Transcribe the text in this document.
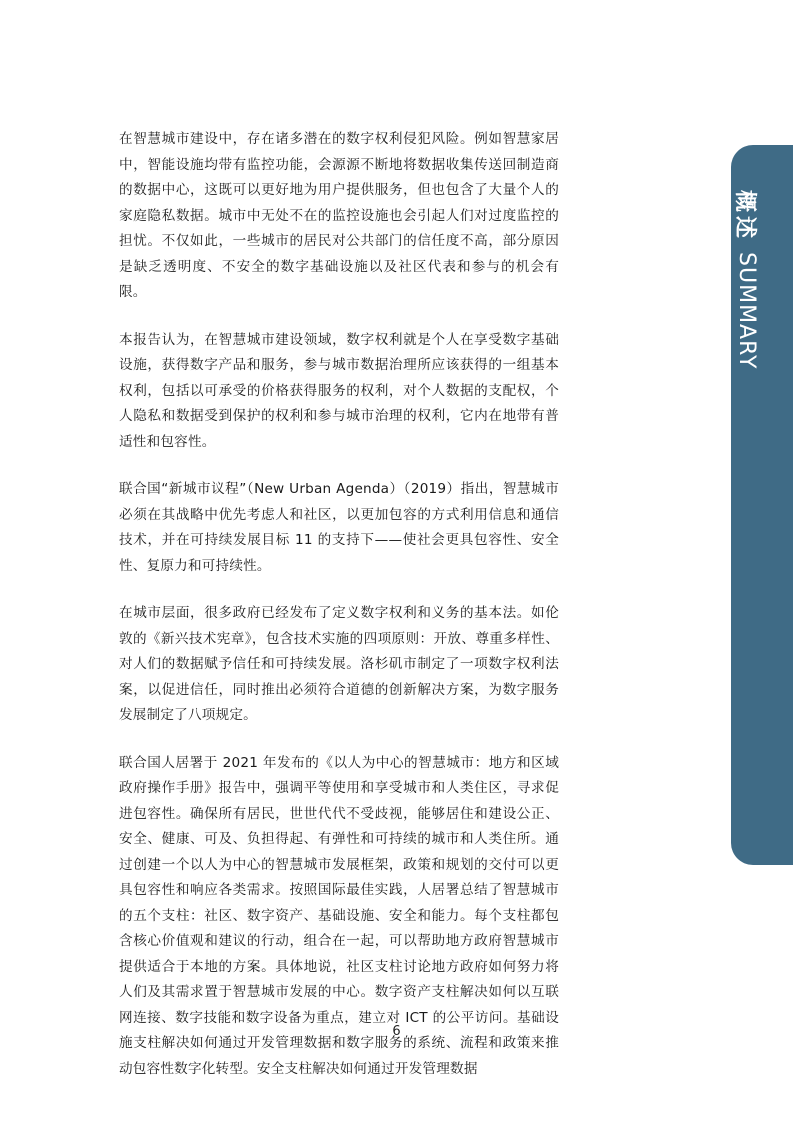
概述
SUMMARY

在智慧城市建设中，存在诸多潜在的数字权利侵犯风险。例如智慧家居中，智能设施均带有监控功能，会源源不断地将数据收集传送回制造商的数据中心，这既可以更好地为用户提供服务，但也包含了大量个人的家庭隐私数据。城市中无处不在的监控设施也会引起人们对过度监控的担忧。不仅如此，一些城市的居民对公共部门的信任度不高，部分原因是缺乏透明度、不安全的数字基础设施以及社区代表和参与的机会有限。

本报告认为，在智慧城市建设领域，数字权利就是个人在享受数字基础设施，获得数字产品和服务，参与城市数据治理所应该获得的一组基本权利，包括以可承受的价格获得服务的权利，对个人数据的支配权，个人隐私和数据受到保护的权利和参与城市治理的权利，它内在地带有普适性和包容性。

联合国“新城市议程”（New Urban Agenda）（2019）指出，智慧城市必须在其战略中优先考虑人和社区，以更加包容的方式利用信息和通信技术，并在可持续发展目标 11 的支持下——使社会更具包容性、安全性、复原力和可持续性。

在城市层面，很多政府已经发布了定义数字权利和义务的基本法。如伦敦的《新兴技术宪章》，包含技术实施的四项原则：开放、尊重多样性、对人们的数据赋予信任和可持续发展。洛杉矶市制定了一项数字权利法案，以促进信任，同时推出必须符合道德的创新解决方案，为数字服务发展制定了八项规定。

联合国人居署于 2021 年发布的《以人为中心的智慧城市：地方和区域政府操作手册》报告中，强调平等使用和享受城市和人类住区，寻求促进包容性。确保所有居民，世世代代不受歧视，能够居住和建设公正、安全、健康、可及、负担得起、有弹性和可持续的城市和人类住所。通过创建一个以人为中心的智慧城市发展框架，政策和规划的交付可以更具包容性和响应各类需求。按照国际最佳实践，人居署总结了智慧城市的五个支柱：社区、数字资产、基础设施、安全和能力。每个支柱都包含核心价值观和建议的行动，组合在一起，可以帮助地方政府智慧城市提供适合于本地的方案。具体地说，社区支柱讨论地方政府如何努力将人们及其需求置于智慧城市发展的中心。数字资产支柱解决如何以互联网连接、数字技能和数字设备为重点，建立对 ICT 的公平访问。基础设施支柱解决如何通过开发管理数据和数字服务的系统、流程和政策来推动包容性数字化转型。安全支柱解决如何通过开发管理数据

6
